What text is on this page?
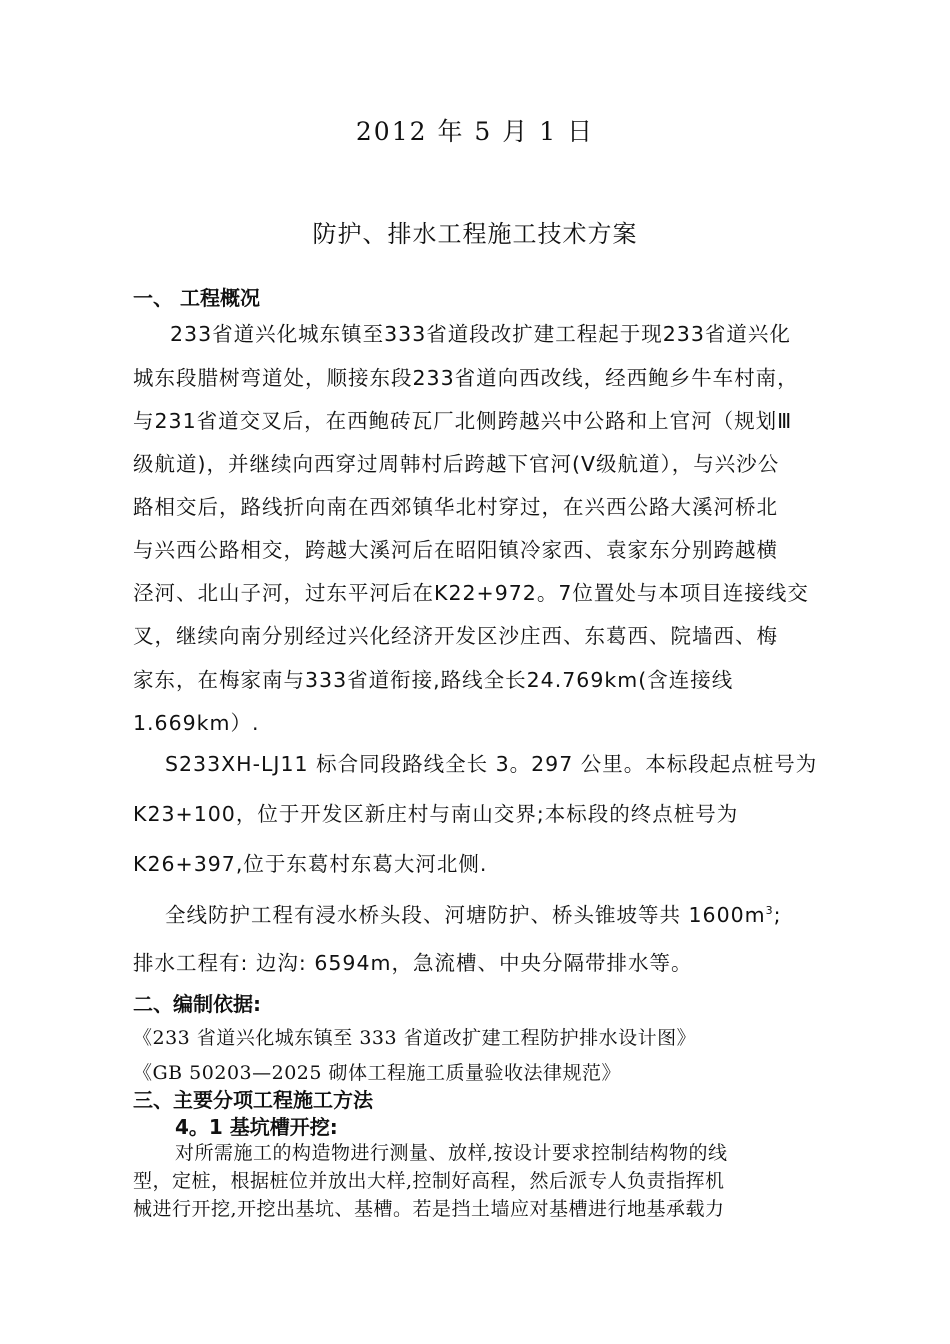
2012 年 5 月 1 日
防护、排水工程施工技术方案
一、 工程概况
233省道兴化城东镇至333省道段改扩建工程起于现233省道兴化
城东段腊树弯道处，顺接东段233省道向西改线，经西鲍乡牛车村南，
与231省道交叉后，在西鲍砖瓦厂北侧跨越兴中公路和上官河（规划Ⅲ
级航道)，并继续向西穿过周韩村后跨越下官河(V级航道），与兴沙公
路相交后，路线折向南在西郊镇华北村穿过，在兴西公路大溪河桥北
与兴西公路相交，跨越大溪河后在昭阳镇冷家西、袁家东分别跨越横
泾河、北山子河，过东平河后在K22+972。7位置处与本项目连接线交
叉，继续向南分别经过兴化经济开发区沙庄西、东葛西、院墙西、梅
家东，在梅家南与333省道衔接,路线全长24.769km(含连接线
1.669km）.
S233XH-LJ11 标合同段路线全长 3。297 公里。本标段起点桩号为
K23+100，位于开发区新庄村与南山交界;本标段的终点桩号为
K26+397,位于东葛村东葛大河北侧.
全线防护工程有浸水桥头段、河塘防护、桥头锥坡等共 $1600m^3$;
排水工程有: 边沟: 6594m，急流槽、中央分隔带排水等。
二、编制依据:
《233 省道兴化城东镇至 333 省道改扩建工程防护排水设计图》
《GB 50203—2025 砌体工程施工质量验收法律规范》
三、主要分项工程施工方法
4。1 基坑槽开挖:
对所需施工的构造物进行测量、放样,按设计要求控制结构物的线
型，定桩，根据桩位并放出大样,控制好高程，然后派专人负责指挥机
械进行开挖,开挖出基坑、基槽。若是挡土墙应对基槽进行地基承载力
